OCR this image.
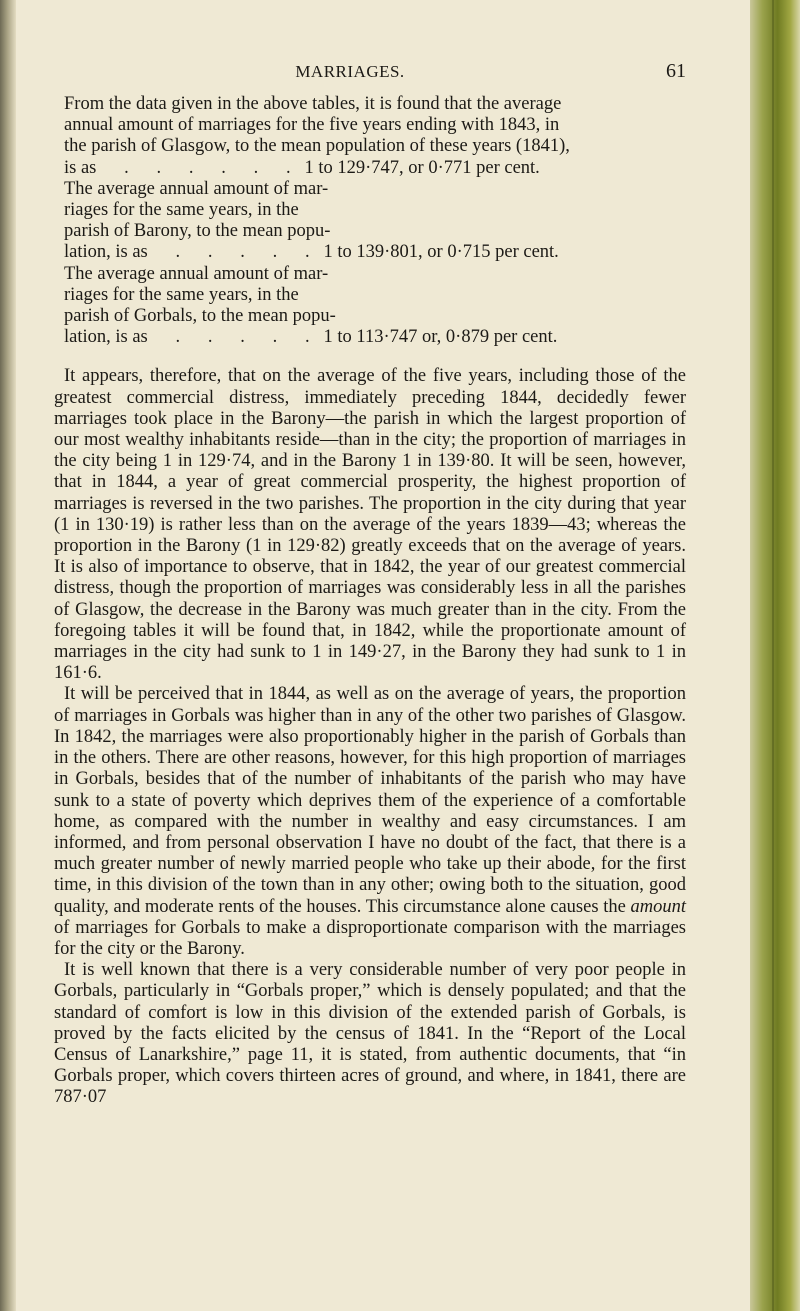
MARRIAGES.	61
From the data given in the above tables, it is found that the average
annual amount of marriages for the five years ending with 1843, in
the parish of Glasgow, to the mean population of these years (1841),
is as      .      .      .      .      .      .   1 to 129·747, or 0·771 per cent.
The average annual amount of mar-
riages for the same years, in the
parish of Barony, to the mean popu-
lation, is as      .      .      .      .      .   1 to 139·801, or 0·715 per cent.
The average annual amount of mar-
riages for the same years, in the
parish of Gorbals, to the mean popu-
lation, is as      .      .      .      .      .   1 to 113·747 or, 0·879 per cent.

It appears, therefore, that on the average of the five years, including those of the greatest commercial distress, immediately preceding 1844, decidedly fewer marriages took place in the Barony—the parish in which the largest proportion of our most wealthy inhabitants reside—than in the city; the proportion of marriages in the city being 1 in 129·74, and in the Barony 1 in 139·80. It will be seen, however, that in 1844, a year of great commercial prosperity, the highest proportion of marriages is reversed in the two parishes. The proportion in the city during that year (1 in 130·19) is rather less than on the average of the years 1839—43; whereas the proportion in the Barony (1 in 129·82) greatly exceeds that on the average of years. It is also of importance to observe, that in 1842, the year of our greatest commercial distress, though the proportion of marriages was considerably less in all the parishes of Glasgow, the decrease in the Barony was much greater than in the city. From the foregoing tables it will be found that, in 1842, while the proportionate amount of marriages in the city had sunk to 1 in 149·27, in the Barony they had sunk to 1 in 161·6.

It will be perceived that in 1844, as well as on the average of years, the proportion of marriages in Gorbals was higher than in any of the other two parishes of Glasgow. In 1842, the marriages were also proportionably higher in the parish of Gorbals than in the others. There are other reasons, however, for this high proportion of marriages in Gorbals, besides that of the number of inhabitants of the parish who may have sunk to a state of poverty which deprives them of the experience of a comfortable home, as compared with the number in wealthy and easy circumstances. I am informed, and from personal observation I have no doubt of the fact, that there is a much greater number of newly married people who take up their abode, for the first time, in this division of the town than in any other; owing both to the situation, good quality, and moderate rents of the houses. This circumstance alone causes the amount of marriages for Gorbals to make a disproportionate comparison with the marriages for the city or the Barony.

It is well known that there is a very considerable number of very poor people in Gorbals, particularly in “Gorbals proper,” which is densely populated; and that the standard of comfort is low in this division of the extended parish of Gorbals, is proved by the facts elicited by the census of 1841. In the “Report of the Local Census of Lanarkshire,” page 11, it is stated, from authentic documents, that “in Gorbals proper, which covers thirteen acres of ground, and where, in 1841, there are 787·07
